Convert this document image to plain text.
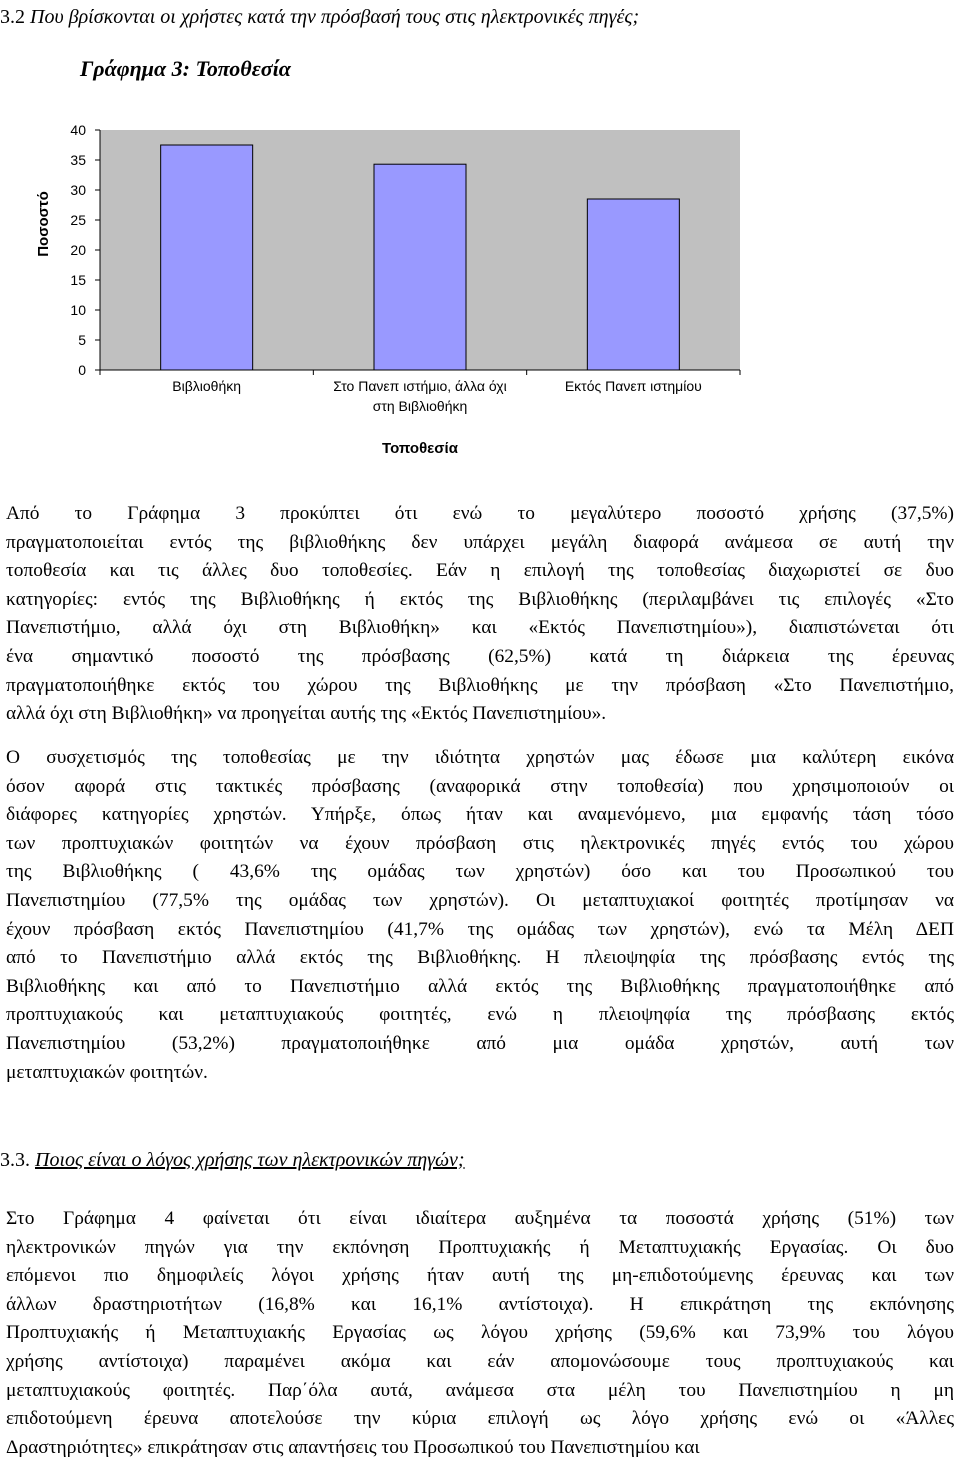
3.2 Που βρίσκονται οι χρήστες κατά την πρόσβασή τους στις ηλεκτρονικές πηγές;
Γράφημα 3: Τοποθεσία
Τοποθεσία
Ποσοστό
40
35
30
25
20
15
10
5
0
Βιβλιοθήκη	Στο Πανεπ ιστήμιο, άλλα όχι
στη Βιβλιοθήκη
Εκτός Πανεπ ιστημίου
Από το Γράφημα 3 προκύπτει ότι ενώ το μεγαλύτερο ποσοστό χρήσης (37,5%)
πραγματοποιείται εντός της βιβλιοθήκης δεν υπάρχει μεγάλη διαφορά ανάμεσα σε αυτή την
τοποθεσία και τις άλλες δυο τοποθεσίες. Εάν η επιλογή της τοποθεσίας διαχωριστεί σε δυο
κατηγορίες: εντός της Βιβλιοθήκης ή εκτός της Βιβλιοθήκης (περιλαμβάνει τις επιλογές «Στο
Πανεπιστήμιο, αλλά όχι στη Βιβλιοθήκη» και «Εκτός Πανεπιστημίου»), διαπιστώνεται ότι
ένα σημαντικό ποσοστό της πρόσβασης (62,5%) κατά τη διάρκεια της έρευνας
πραγματοποιήθηκε εκτός του χώρου της Βιβλιοθήκης με την πρόσβαση «Στο Πανεπιστήμιο,
αλλά όχι στη Βιβλιοθήκη» να προηγείται αυτής της «Εκτός Πανεπιστημίου».
Ο συσχετισμός της τοποθεσίας με την ιδιότητα χρηστών μας έδωσε μια καλύτερη εικόνα
όσον αφορά στις τακτικές πρόσβασης (αναφορικά στην τοποθεσία) που χρησιμοποιούν οι
διάφορες κατηγορίες χρηστών. Υπήρξε, όπως ήταν και αναμενόμενο, μια εμφανής τάση τόσο
των προπτυχιακών φοιτητών να έχουν πρόσβαση στις ηλεκτρονικές πηγές εντός του χώρου
της Βιβλιοθήκης ( 43,6% της ομάδας των χρηστών) όσο και του Προσωπικού του
Πανεπιστημίου (77,5% της ομάδας των χρηστών). Οι μεταπτυχιακοί φοιτητές προτίμησαν να
έχουν πρόσβαση εκτός Πανεπιστημίου (41,7% της ομάδας των χρηστών), ενώ τα Μέλη ΔΕΠ
από το Πανεπιστήμιο αλλά εκτός της Βιβλιοθήκης. Η πλειοψηφία της πρόσβασης εντός της
Βιβλιοθήκης και από το Πανεπιστήμιο αλλά εκτός της Βιβλιοθήκης πραγματοποιήθηκε από
προπτυχιακούς και μεταπτυχιακούς φοιτητές, ενώ η πλειοψηφία της πρόσβασης εκτός
Πανεπιστημίου (53,2%) πραγματοποιήθηκε από μια ομάδα χρηστών, αυτή των
μεταπτυχιακών φοιτητών.
3.3. Ποιος είναι ο λόγος χρήσης των ηλεκτρονικών πηγών;
Στο Γράφημα 4 φαίνεται ότι είναι ιδιαίτερα αυξημένα τα ποσοστά χρήσης (51%) των
ηλεκτρονικών πηγών για την εκπόνηση Προπτυχιακής ή Μεταπτυχιακής Εργασίας. Οι δυο
επόμενοι πιο δημοφιλείς λόγοι χρήσης ήταν αυτή της μη-επιδοτούμενης έρευνας και των
άλλων δραστηριοτήτων (16,8% και 16,1% αντίστοιχα). Η επικράτηση της εκπόνησης
Προπτυχιακής ή Μεταπτυχιακής Εργασίας ως λόγου χρήσης (59,6% και 73,9% του λόγου
χρήσης αντίστοιχα) παραμένει ακόμα και εάν απομονώσουμε τους προπτυχιακούς και
μεταπτυχιακούς φοιτητές. Παρ΄όλα αυτά, ανάμεσα στα μέλη του Πανεπιστημίου η μη
επιδοτούμενη έρευνα αποτελούσε την κύρια επιλογή ως λόγο χρήσης ενώ οι «Άλλες
Δραστηριότητες» επικράτησαν στις απαντήσεις του Προσωπικού του Πανεπιστημίου και
